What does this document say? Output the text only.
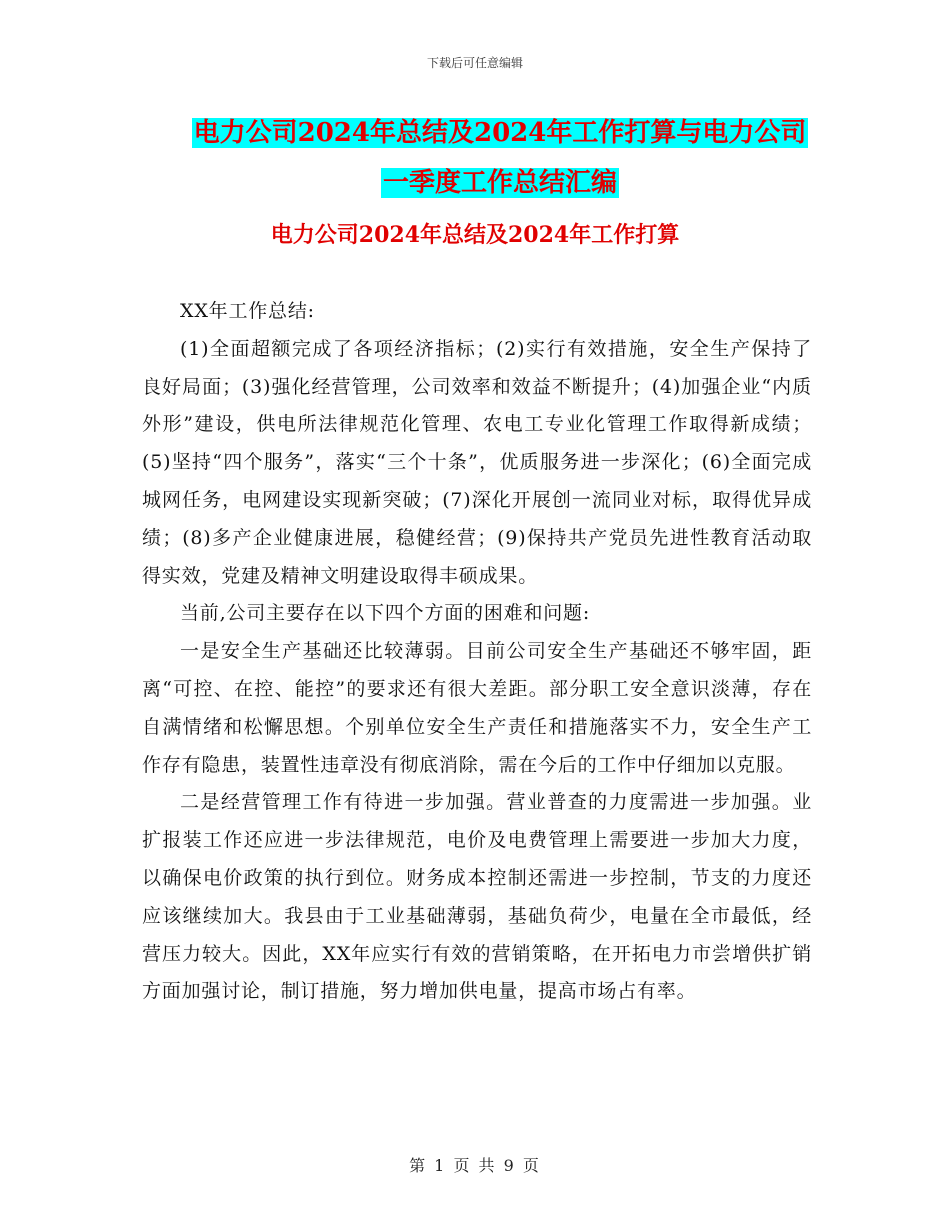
下载后可任意编辑
电力公司2024年总结及2024年工作打算与电力公司
一季度工作总结汇编
电力公司2024年总结及2024年工作打算

XX年工作总结:

(1)全面超额完成了各项经济指标；(2)实行有效措施，安全生产保持了良好局面；(3)强化经营管理，公司效率和效益不断提升；(4)加强企业“内质外形”建设，供电所法律规范化管理、农电工专业化管理工作取得新成绩；(5)坚持“四个服务”，落实“三个十条”，优质服务进一步深化；(6)全面完成城网任务，电网建设实现新突破；(7)深化开展创一流同业对标，取得优异成绩；(8)多产企业健康进展，稳健经营；(9)保持共产党员先进性教育活动取得实效，党建及精神文明建设取得丰硕成果。

当前,公司主要存在以下四个方面的困难和问题:

一是安全生产基础还比较薄弱。目前公司安全生产基础还不够牢固，距离“可控、在控、能控”的要求还有很大差距。部分职工安全意识淡薄，存在自满情绪和松懈思想。个别单位安全生产责任和措施落实不力，安全生产工作存有隐患，装置性违章没有彻底消除，需在今后的工作中仔细加以克服。

二是经营管理工作有待进一步加强。营业普查的力度需进一步加强。业扩报装工作还应进一步法律规范，电价及电费管理上需要进一步加大力度，以确保电价政策的执行到位。财务成本控制还需进一步控制，节支的力度还应该继续加大。我县由于工业基础薄弱，基础负荷少，电量在全市最低，经营压力较大。因此，XX年应实行有效的营销策略，在开拓电力市尝增供扩销方面加强讨论，制订措施，努力增加供电量，提高市场占有率。

第 1 页 共 9 页
